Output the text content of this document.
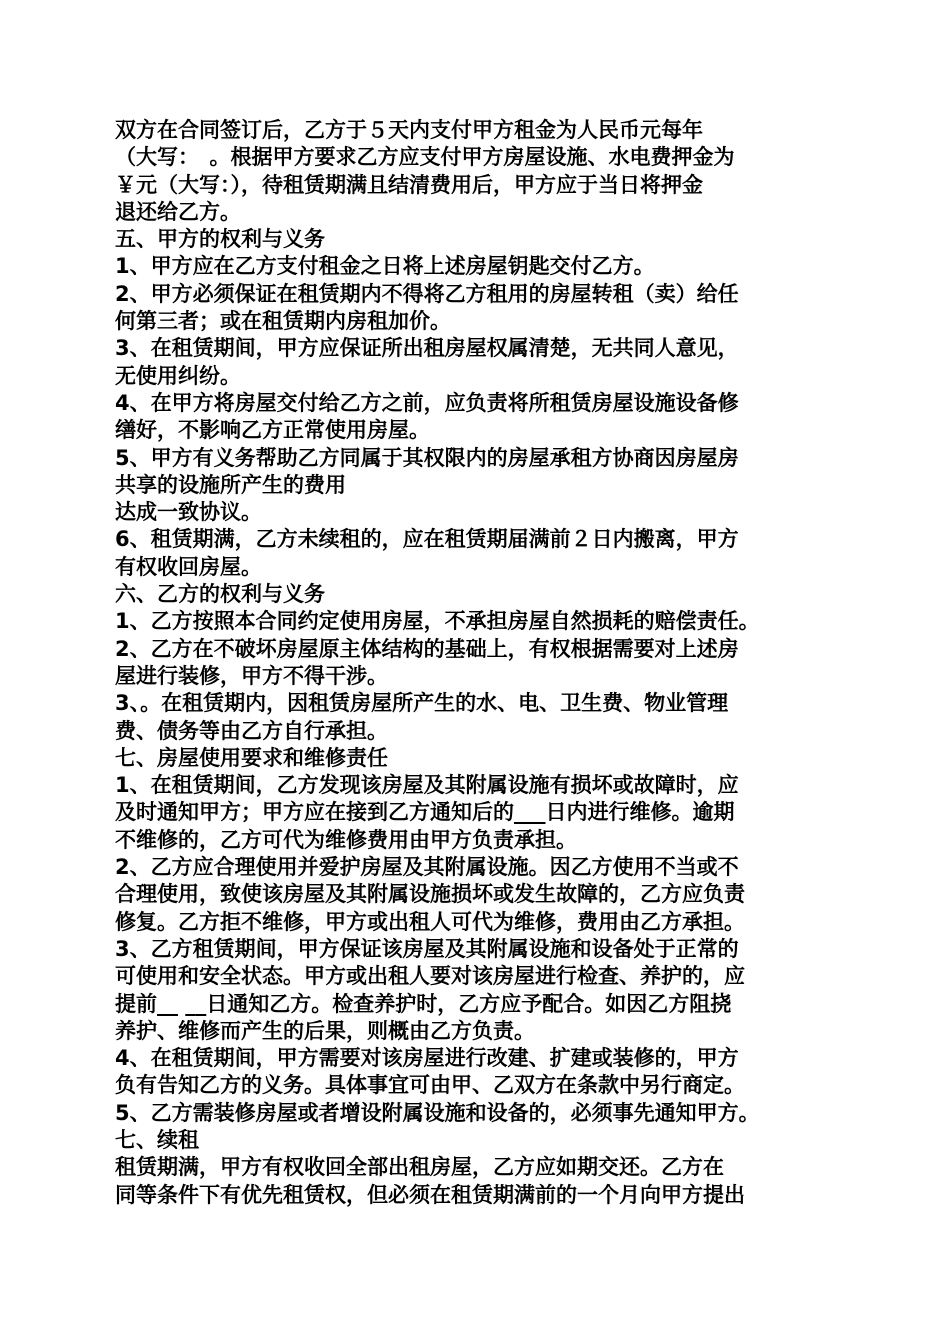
双方在合同签订后，乙方于５天内支付甲方租金为人民币元每年
（大写：　。根据甲方要求乙方应支付甲方房屋设施、水电费押金为
￥元（大写：），待租赁期满且结清费用后，甲方应于当日将押金
退还给乙方。
五、甲方的权利与义务
1、甲方应在乙方支付租金之日将上述房屋钥匙交付乙方。
2、甲方必须保证在租赁期内不得将乙方租用的房屋转租（卖）给任
何第三者；或在租赁期内房租加价。
3、在租赁期间，甲方应保证所出租房屋权属清楚，无共同人意见，
无使用纠纷。
4、在甲方将房屋交付给乙方之前，应负责将所租赁房屋设施设备修
缮好，不影响乙方正常使用房屋。
5、甲方有义务帮助乙方同属于其权限内的房屋承租方协商因房屋房
共享的设施所产生的费用
达成一致协议。
6、租赁期满，乙方未续租的，应在租赁期届满前２日内搬离，甲方
有权收回房屋。
六、乙方的权利与义务
1、乙方按照本合同约定使用房屋，不承担房屋自然损耗的赔偿责任。
2、乙方在不破坏房屋原主体结构的基础上，有权根据需要对上述房
屋进行装修，甲方不得干涉。
3、。在租赁期内，因租赁房屋所产生的水、电、卫生费、物业管理
费、债务等由乙方自行承担。
七、房屋使用要求和维修责任
1、在租赁期间，乙方发现该房屋及其附属设施有损坏或故障时，应
及时通知甲方；甲方应在接到乙方通知后的___日内进行维修。逾期
不维修的，乙方可代为维修费用由甲方负责承担。
2、乙方应合理使用并爱护房屋及其附属设施。因乙方使用不当或不
合理使用，致使该房屋及其附属设施损坏或发生故障的，乙方应负责
修复。乙方拒不维修，甲方或出租人可代为维修，费用由乙方承担。
3、乙方租赁期间，甲方保证该房屋及其附属设施和设备处于正常的
可使用和安全状态。甲方或出租人要对该房屋进行检查、养护的，应
提前__ __日通知乙方。检查养护时，乙方应予配合。如因乙方阻挠
养护、维修而产生的后果，则概由乙方负责。
4、在租赁期间，甲方需要对该房屋进行改建、扩建或装修的，甲方
负有告知乙方的义务。具体事宜可由甲、乙双方在条款中另行商定。
5、乙方需装修房屋或者增设附属设施和设备的，必须事先通知甲方。
七、续租
租赁期满，甲方有权收回全部出租房屋，乙方应如期交还。乙方在
同等条件下有优先租赁权，但必须在租赁期满前的一个月向甲方提出
